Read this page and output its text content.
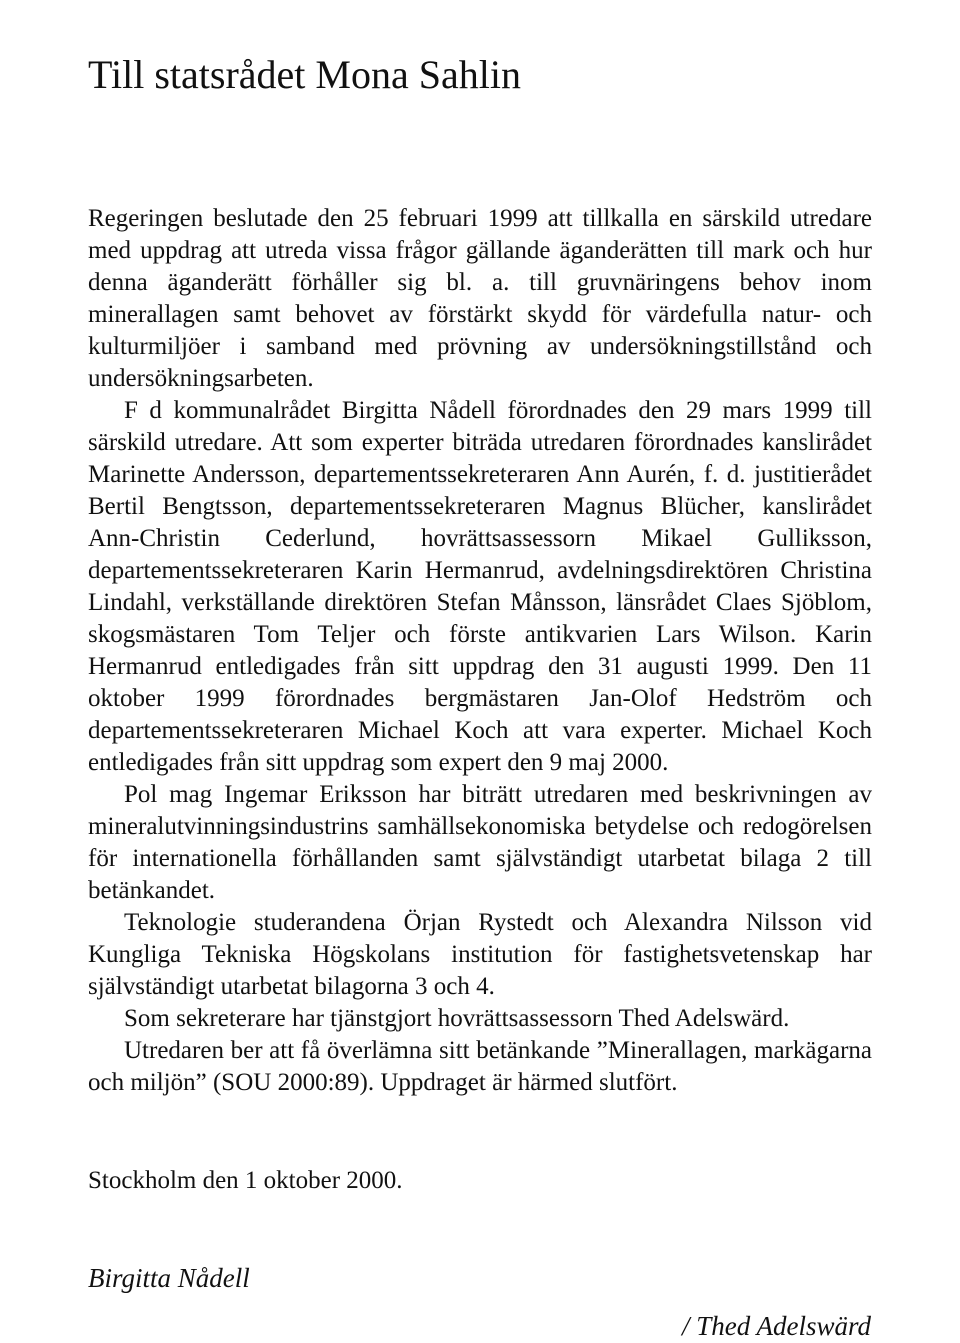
Till statsrådet Mona Sahlin

Regeringen beslutade den 25 februari 1999 att tillkalla en särskild utredare med uppdrag att utreda vissa frågor gällande äganderätten till mark och hur denna äganderätt förhåller sig bl. a. till gruvnäringens behov inom minerallagen samt behovet av förstärkt skydd för värdefulla natur- och kulturmiljöer i samband med prövning av undersökningstillstånd och undersökningsarbeten.

F d kommunalrådet Birgitta Nådell förordnades den 29 mars 1999 till särskild utredare. Att som experter biträda utredaren förordnades kanslirådet Marinette Andersson, departementssekreteraren Ann Aurén, f. d. justitierådet Bertil Bengtsson, departementssekreteraren Magnus Blücher, kanslirådet Ann-Christin Cederlund, hovrättsassessorn Mikael Gulliksson, departementssekreteraren Karin Hermanrud, avdelningsdirektören Christina Lindahl, verkställande direktören Stefan Månsson, länsrådet Claes Sjöblom, skogsmästaren Tom Teljer och förste antikvarien Lars Wilson. Karin Hermanrud entledigades från sitt uppdrag den 31 augusti 1999. Den 11 oktober 1999 förordnades bergmästaren Jan-Olof Hedström och departementssekreteraren Michael Koch att vara experter. Michael Koch entledigades från sitt uppdrag som expert den 9 maj 2000.

Pol mag Ingemar Eriksson har biträtt utredaren med beskrivningen av mineralutvinningsindustrins samhällsekonomiska betydelse och redogörelsen för internationella förhållanden samt självständigt utarbetat bilaga 2 till betänkandet.

Teknologie studerandena Örjan Rystedt och Alexandra Nilsson vid Kungliga Tekniska Högskolans institution för fastighetsvetenskap har självständigt utarbetat bilagorna 3 och 4.

Som sekreterare har tjänstgjort hovrättsassessorn Thed Adelswärd.

Utredaren ber att få överlämna sitt betänkande ”Minerallagen, markägarna och miljön” (SOU 2000:89). Uppdraget är härmed slutfört.

Stockholm den 1 oktober 2000.

Birgitta Nådell

/ Thed Adelswärd
